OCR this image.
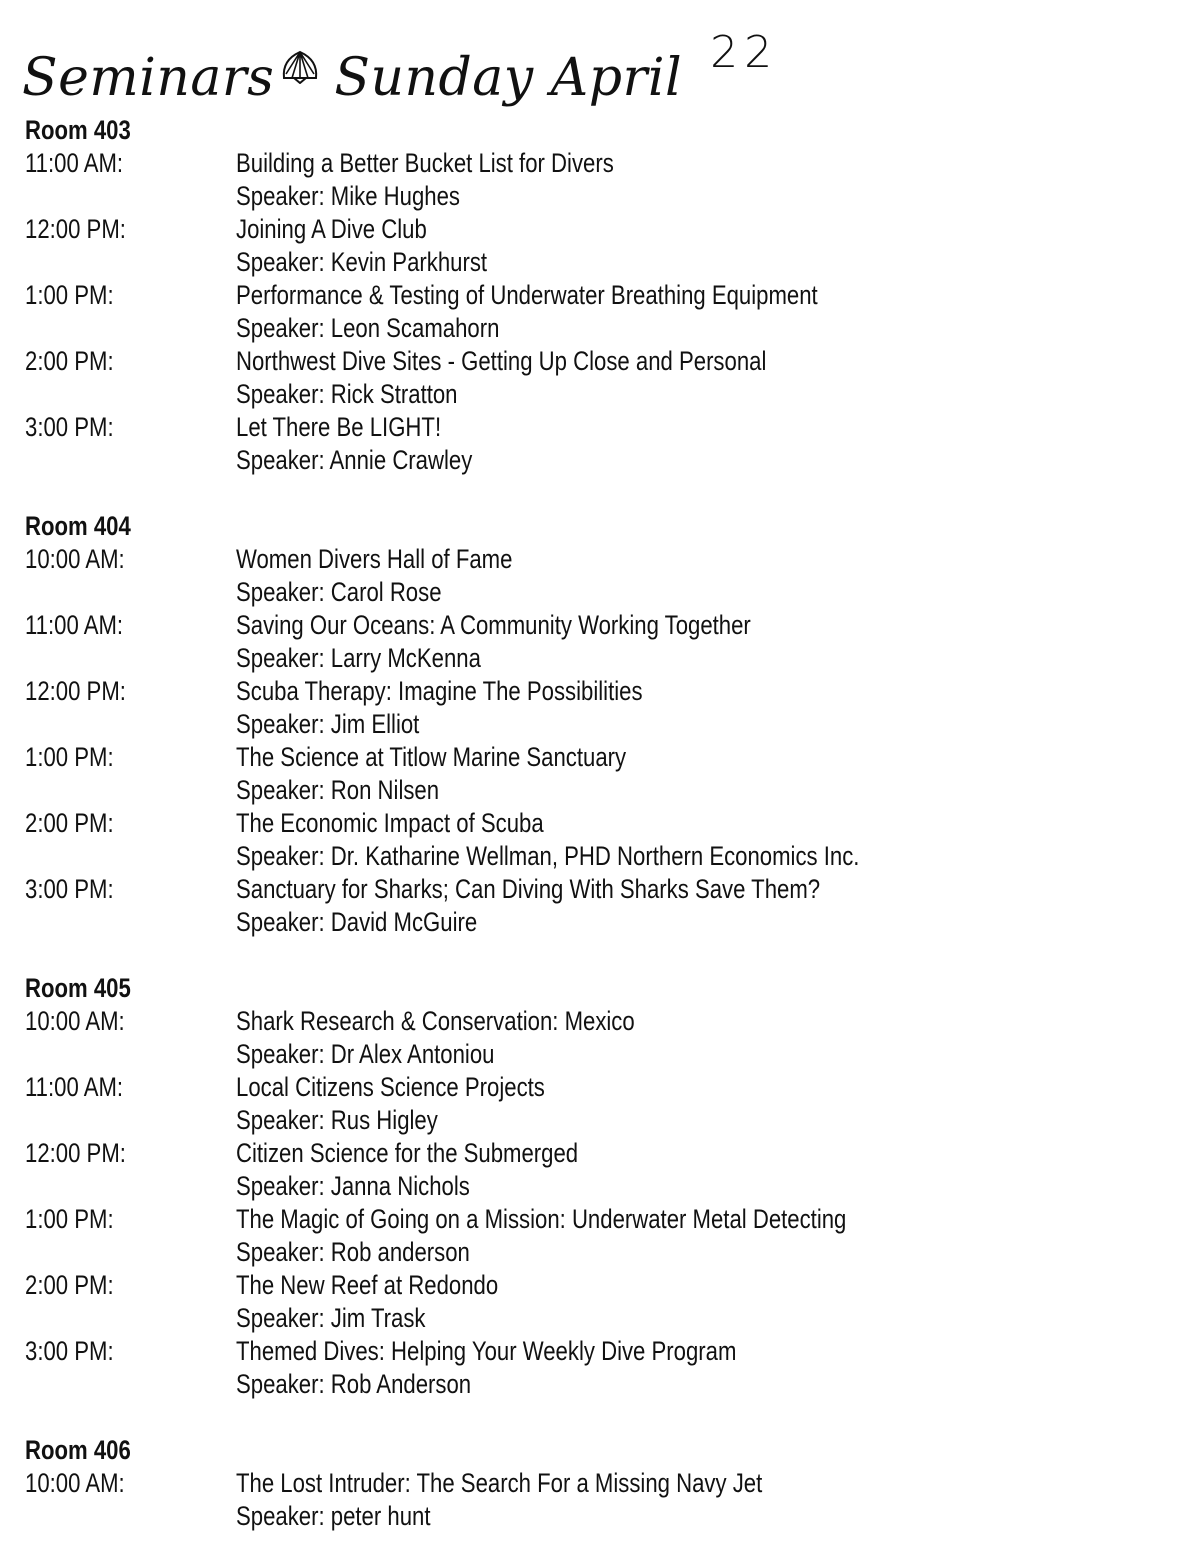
Seminars Sunday April 22
Room 403
11:00 AM:	Building a Better Bucket List for Divers
Speaker: Mike Hughes
12:00 PM:	Joining A Dive Club
Speaker: Kevin Parkhurst
1:00 PM:	Performance & Testing of Underwater Breathing Equipment
Speaker: Leon Scamahorn
2:00 PM:	Northwest Dive Sites - Getting Up Close and Personal
Speaker: Rick Stratton
3:00 PM:	Let There Be LIGHT!
Speaker: Annie Crawley
Room 404
10:00 AM:	Women Divers Hall of Fame
Speaker: Carol Rose
11:00 AM:	Saving Our Oceans: A Community Working Together
Speaker: Larry McKenna
12:00 PM:	Scuba Therapy: Imagine The Possibilities
Speaker: Jim Elliot
1:00 PM:	The Science at Titlow Marine Sanctuary
Speaker: Ron Nilsen
2:00 PM:	The Economic Impact of Scuba
Speaker: Dr. Katharine Wellman, PHD Northern Economics Inc.
3:00 PM:	Sanctuary for Sharks; Can Diving With Sharks Save Them?
Speaker: David McGuire
Room 405
10:00 AM:	Shark Research & Conservation: Mexico
Speaker: Dr Alex Antoniou
11:00 AM:	Local Citizens Science Projects
Speaker: Rus Higley
12:00 PM:	Citizen Science for the Submerged
Speaker: Janna Nichols
1:00 PM:	The Magic of Going on a Mission: Underwater Metal Detecting
Speaker: Rob anderson
2:00 PM:	The New Reef at Redondo
Speaker: Jim Trask
3:00 PM:	Themed Dives: Helping Your Weekly Dive Program
Speaker: Rob Anderson
Room 406
10:00 AM:	The Lost Intruder: The Search For a Missing Navy Jet
Speaker: peter hunt
